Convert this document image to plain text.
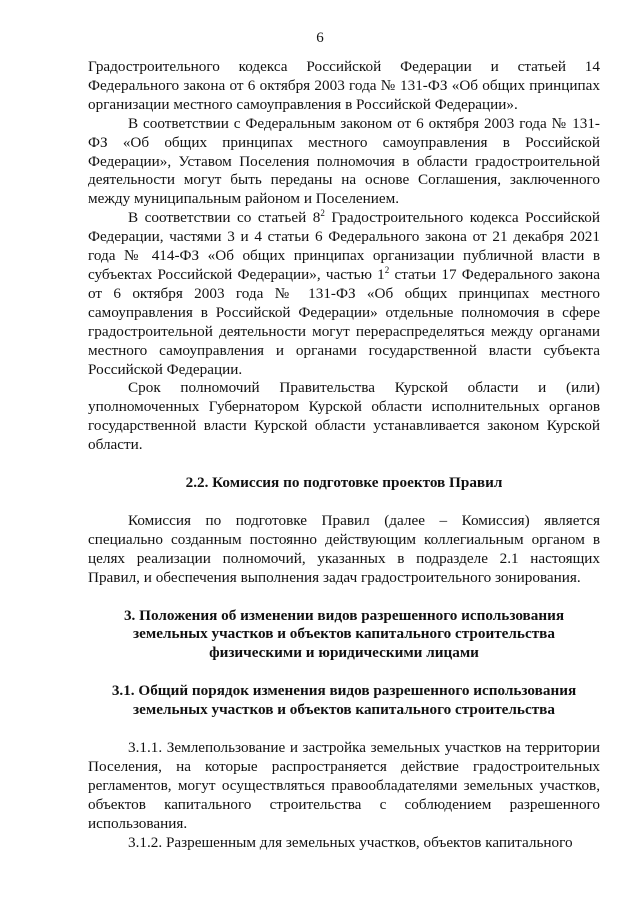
6

Градостроительного кодекса Российской Федерации и статьей 14 Федерального закона от 6 октября 2003 года № 131-ФЗ «Об общих принципах организации местного самоуправления в Российской Федерации».

В соответствии с Федеральным законом от 6 октября 2003 года № 131-ФЗ «Об общих принципах местного самоуправления в Российской Федерации», Уставом Поселения полномочия в области градостроительной деятельности могут быть переданы на основе Соглашения, заключенного между муниципальным районом и Поселением.

В соответствии со статьей $8^2$ Градостроительного кодекса Российской Федерации, частями 3 и 4 статьи 6 Федерального закона от 21 декабря 2021 года № 414-ФЗ «Об общих принципах организации публичной власти в субъектах Российской Федерации», частью $1^2$ статьи 17 Федерального закона от 6 октября 2003 года № 131-ФЗ «Об общих принципах местного самоуправления в Российской Федерации» отдельные полномочия в сфере градостроительной деятельности могут перераспределяться между органами местного самоуправления и органами государственной власти субъекта Российской Федерации.

Срок полномочий Правительства Курской области и (или) уполномоченных Губернатором Курской области исполнительных органов государственной власти Курской области устанавливается законом Курской области.

2.2. Комиссия по подготовке проектов Правил

Комиссия по подготовке Правил (далее – Комиссия) является специально созданным постоянно действующим коллегиальным органом в целях реализации полномочий, указанных в подразделе 2.1 настоящих Правил, и обеспечения выполнения задач градостроительного зонирования.

3. Положения об изменении видов разрешенного использования
земельных участков и объектов капитального строительства
физическими и юридическими лицами
3.1. Общий порядок изменения видов разрешенного использования
земельных участков и объектов капитального строительства

3.1.1. Землепользование и застройка земельных участков на территории Поселения, на которые распространяется действие градостроительных регламентов, могут осуществляться правообладателями земельных участков, объектов капитального строительства с соблюдением разрешенного использования.

3.1.2. Разрешенным для земельных участков, объектов капитального
